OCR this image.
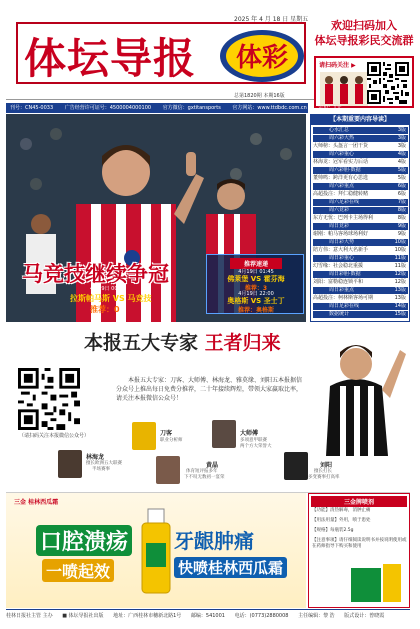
体坛导报 体彩
2025 年 4 月 18 日 星期五
总第1820期 本期16版
欢迎扫码加入
体坛导报彩民交流群
请扫码关注 ▶
刊号：CN45-0033 广告经营许可证号：4500004000100 官方微信：gxtitansports 官方网站：www.ttdbdc.com.cn 定价：1元
马竞技继续争冠
4月19日 00:30
拉斯帕马斯 VS 马竞技
推荐：0
推荐速递
4月19日 01:45
佛莱堡 VS 霍芬海
推荐：3
4月19日 22:00
奥格斯 VS 圣士丁
推荐：奥格斯
【本期重要内容导读】
心水汇总	3版
周六彩大热	3版
大师榜：头盔言一团干货	3版
周六彩重心	4版
林海龙：冠军看实力后话	4版
周六彩胆·数据	5版
董帅鸣：跨洋更有心思选	5版
周六彩重点	6版
高超投注：拜仁稳健转赌	6版
周六足彩在线	7版
周六竞彩	8版
东方无忧：巴列卡主场得利	8版
周日竞彩	9版
谢刚：帕马客场球场利好	9版
周日彩大势	10版
陪方伟：意大利大名新手	10版
周日彩重心	11版
幻雪缘：社会稳北重援	11版
周日彩胆·数据	12版
刘阳：富勒稳连锁平和	12版
周日彩重点	13版
高超投注：柯林斯客场可期	13版
周日足彩在线	14版
数据统计	15版
本报五大专家 王者归来
（请扫码关注本报微信公众号）
本报五大专家：刀客、大师傅、林海龙、雅莫缘、刘阳五本报据信分众号上推出每日免费分推荐，二十年接续辉煌，带领大家赢取比率，请关注本报微信公众号！
林海龙
擅长欧洲五大联赛
半场赛事
刀客
职业分析师
大师傅
多项意甲联赛
两个方大荣誉大
刘阳
擅长打长
多变赛事打高率
黄晶
体育短评报多年
下不叹无数初一宴荣
三金 桂林西瓜霜
口腔溃疡 牙龈肿痛
一喷起效	快喷桂林西瓜霜
三金牌喷剂
【功能】清热解毒，消肿止痛
【用法用量】外用，喷于患处
【规格】每瓶装2.5g
【注意事项】请仔细阅读说明书并按说明使用或在药师指导下购买和使用
桂林日报社主管 主办 ■ 体坛导报社出版 地址：广西桂林市穗新北路1号 邮编：541001 电话：(0773)2880008 主任编辑：黎 浩 版式设计：曾晓霞
